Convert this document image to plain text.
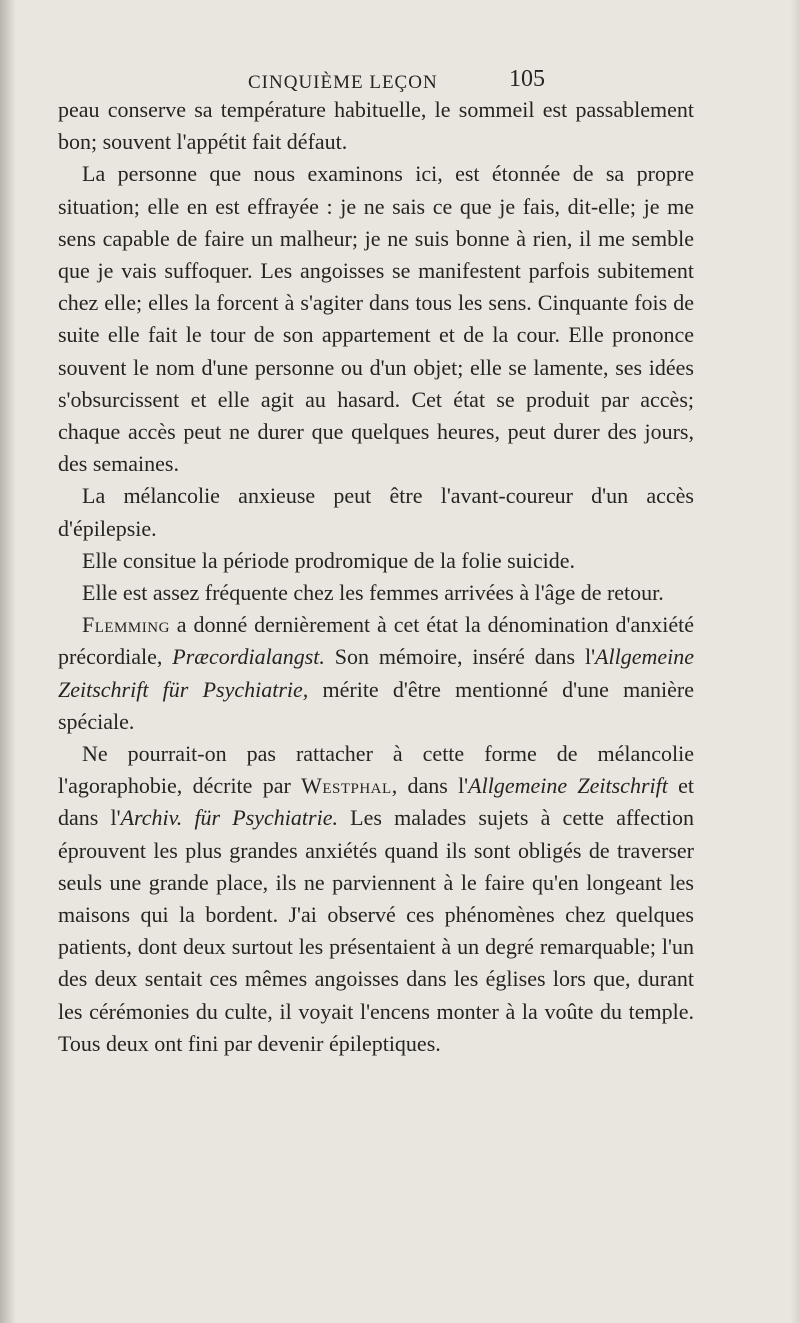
CINQUIÈME LEÇON	105

peau conserve sa température habituelle, le sommeil est passablement bon; souvent l'appétit fait défaut.

La personne que nous examinons ici, est étonnée de sa propre situation; elle en est effrayée : je ne sais ce que je fais, dit-elle; je me sens capable de faire un malheur; je ne suis bonne à rien, il me semble que je vais suffoquer. Les angoisses se manifestent parfois subitement chez elle; elles la forcent à s'agiter dans tous les sens. Cinquante fois de suite elle fait le tour de son appartement et de la cour. Elle prononce souvent le nom d'une personne ou d'un objet; elle se lamente, ses idées s'obsurcissent et elle agit au hasard. Cet état se produit par accès; chaque accès peut ne durer que quelques heures, peut durer des jours, des semaines.

La mélancolie anxieuse peut être l'avant-coureur d'un accès d'épilepsie.

Elle consitue la période prodromique de la folie suicide.

Elle est assez fréquente chez les femmes arrivées à l'âge de retour.

Flemming a donné dernièrement à cet état la dénomination d'anxiété précordiale, Præcordialangst. Son mémoire, inséré dans l'Allgemeine Zeitschrift für Psychiatrie, mérite d'être mentionné d'une manière spéciale.

Ne pourrait-on pas rattacher à cette forme de mélancolie l'agoraphobie, décrite par Westphal, dans l'Allgemeine Zeitschrift et dans l'Archiv. für Psychiatrie. Les malades sujets à cette affection éprouvent les plus grandes anxiétés quand ils sont obligés de traverser seuls une grande place, ils ne parviennent à le faire qu'en longeant les maisons qui la bordent. J'ai observé ces phénomènes chez quelques patients, dont deux surtout les présentaient à un degré remarquable; l'un des deux sentait ces mêmes angoisses dans les églises lors que, durant les cérémonies du culte, il voyait l'encens monter à la voûte du temple. Tous deux ont fini par devenir épileptiques.
